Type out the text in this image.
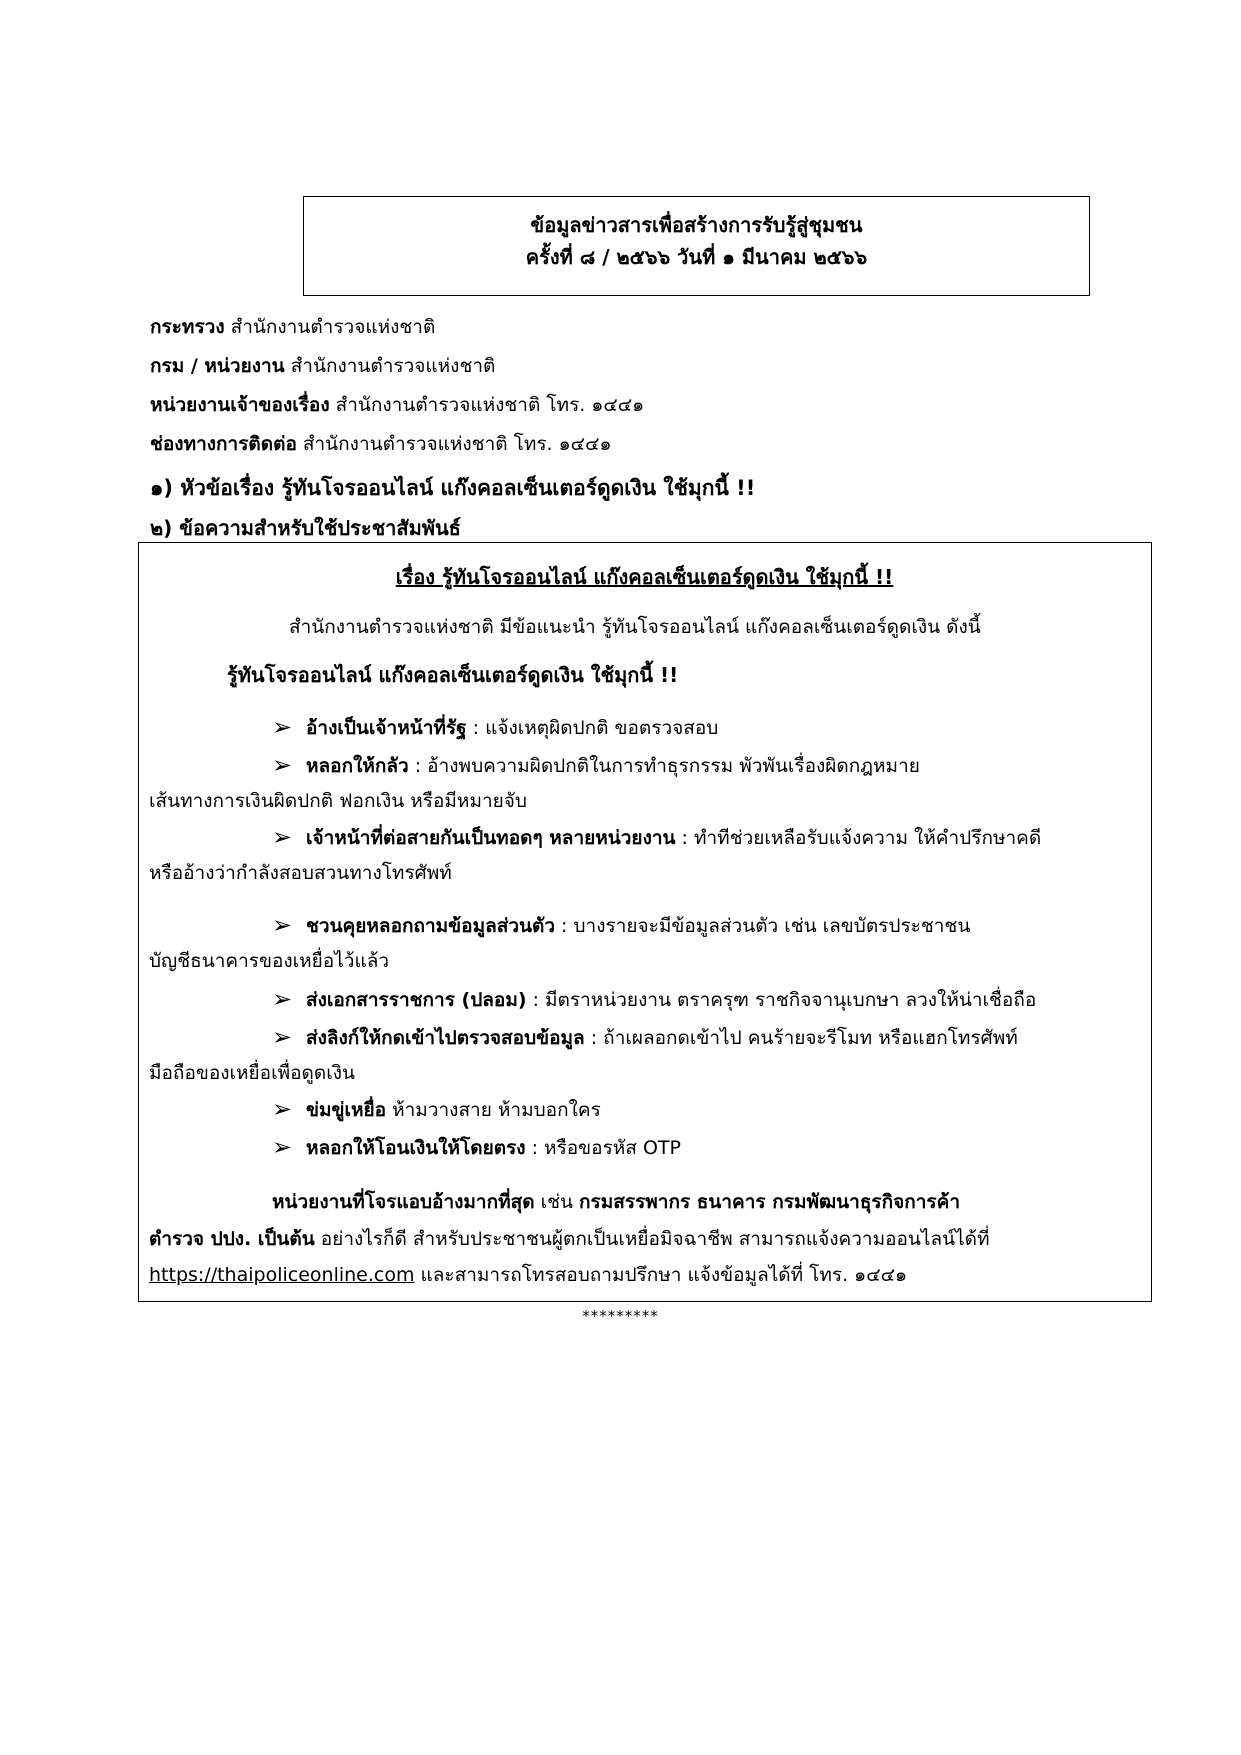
ข้อมูลข่าวสารเพื่อสร้างการรับรู้สู่ชุมชน
ครั้งที่ ๘ / ๒๕๖๖ วันที่ ๑ มีนาคม ๒๕๖๖
กระทรวง สำนักงานตำรวจแห่งชาติ
กรม / หน่วยงาน สำนักงานตำรวจแห่งชาติ
หน่วยงานเจ้าของเรื่อง สำนักงานตำรวจแห่งชาติ โทร. ๑๔๔๑
ช่องทางการติดต่อ สำนักงานตำรวจแห่งชาติ โทร. ๑๔๔๑
๑) หัวข้อเรื่อง รู้ทันโจรออนไลน์ แก๊งคอลเซ็นเตอร์ดูดเงิน ใช้มุกนี้ !!
๒) ข้อความสำหรับใช้ประชาสัมพันธ์
เรื่อง รู้ทันโจรออนไลน์ แก๊งคอลเซ็นเตอร์ดูดเงิน ใช้มุกนี้ !!
สำนักงานตำรวจแห่งชาติ มีข้อแนะนำ รู้ทันโจรออนไลน์ แก๊งคอลเซ็นเตอร์ดูดเงิน ดังนี้
รู้ทันโจรออนไลน์ แก๊งคอลเซ็นเตอร์ดูดเงิน ใช้มุกนี้ !!
➢ อ้างเป็นเจ้าหน้าที่รัฐ : แจ้งเหตุผิดปกติ ขอตรวจสอบ
➢ หลอกให้กลัว : อ้างพบความผิดปกติในการทำธุรกรรม พัวพันเรื่องผิดกฎหมาย
เส้นทางการเงินผิดปกติ ฟอกเงิน หรือมีหมายจับ
➢ เจ้าหน้าที่ต่อสายกันเป็นทอดๆ หลายหน่วยงาน : ทำทีช่วยเหลือรับแจ้งความ ให้คำปรึกษาคดี
หรืออ้างว่ากำลังสอบสวนทางโทรศัพท์
➢ ชวนคุยหลอกถามข้อมูลส่วนตัว : บางรายจะมีข้อมูลส่วนตัว เช่น เลขบัตรประชาชน
บัญชีธนาคารของเหยื่อไว้แล้ว
➢ ส่งเอกสารราชการ (ปลอม) : มีตราหน่วยงาน ตราครุฑ ราชกิจจานุเบกษา ลวงให้น่าเชื่อถือ
➢ ส่งลิงก์ให้กดเข้าไปตรวจสอบข้อมูล : ถ้าเผลอกดเข้าไป คนร้ายจะรีโมท หรือแฮกโทรศัพท์
มือถือของเหยื่อเพื่อดูดเงิน
➢ ข่มขู่เหยื่อ ห้ามวางสาย ห้ามบอกใคร
➢ หลอกให้โอนเงินให้โดยตรง : หรือขอรหัส OTP
หน่วยงานที่โจรแอบอ้างมากที่สุด เช่น กรมสรรพากร ธนาคาร กรมพัฒนาธุรกิจการค้า
ตำรวจ ปปง. เป็นต้น อย่างไรก็ดี สำหรับประชาชนผู้ตกเป็นเหยื่อมิจฉาชีพ สามารถแจ้งความออนไลน์ได้ที่
https://thaipoliceonline.com และสามารถโทรสอบถามปรึกษา แจ้งข้อมูลได้ที่ โทร. ๑๔๔๑
*********
